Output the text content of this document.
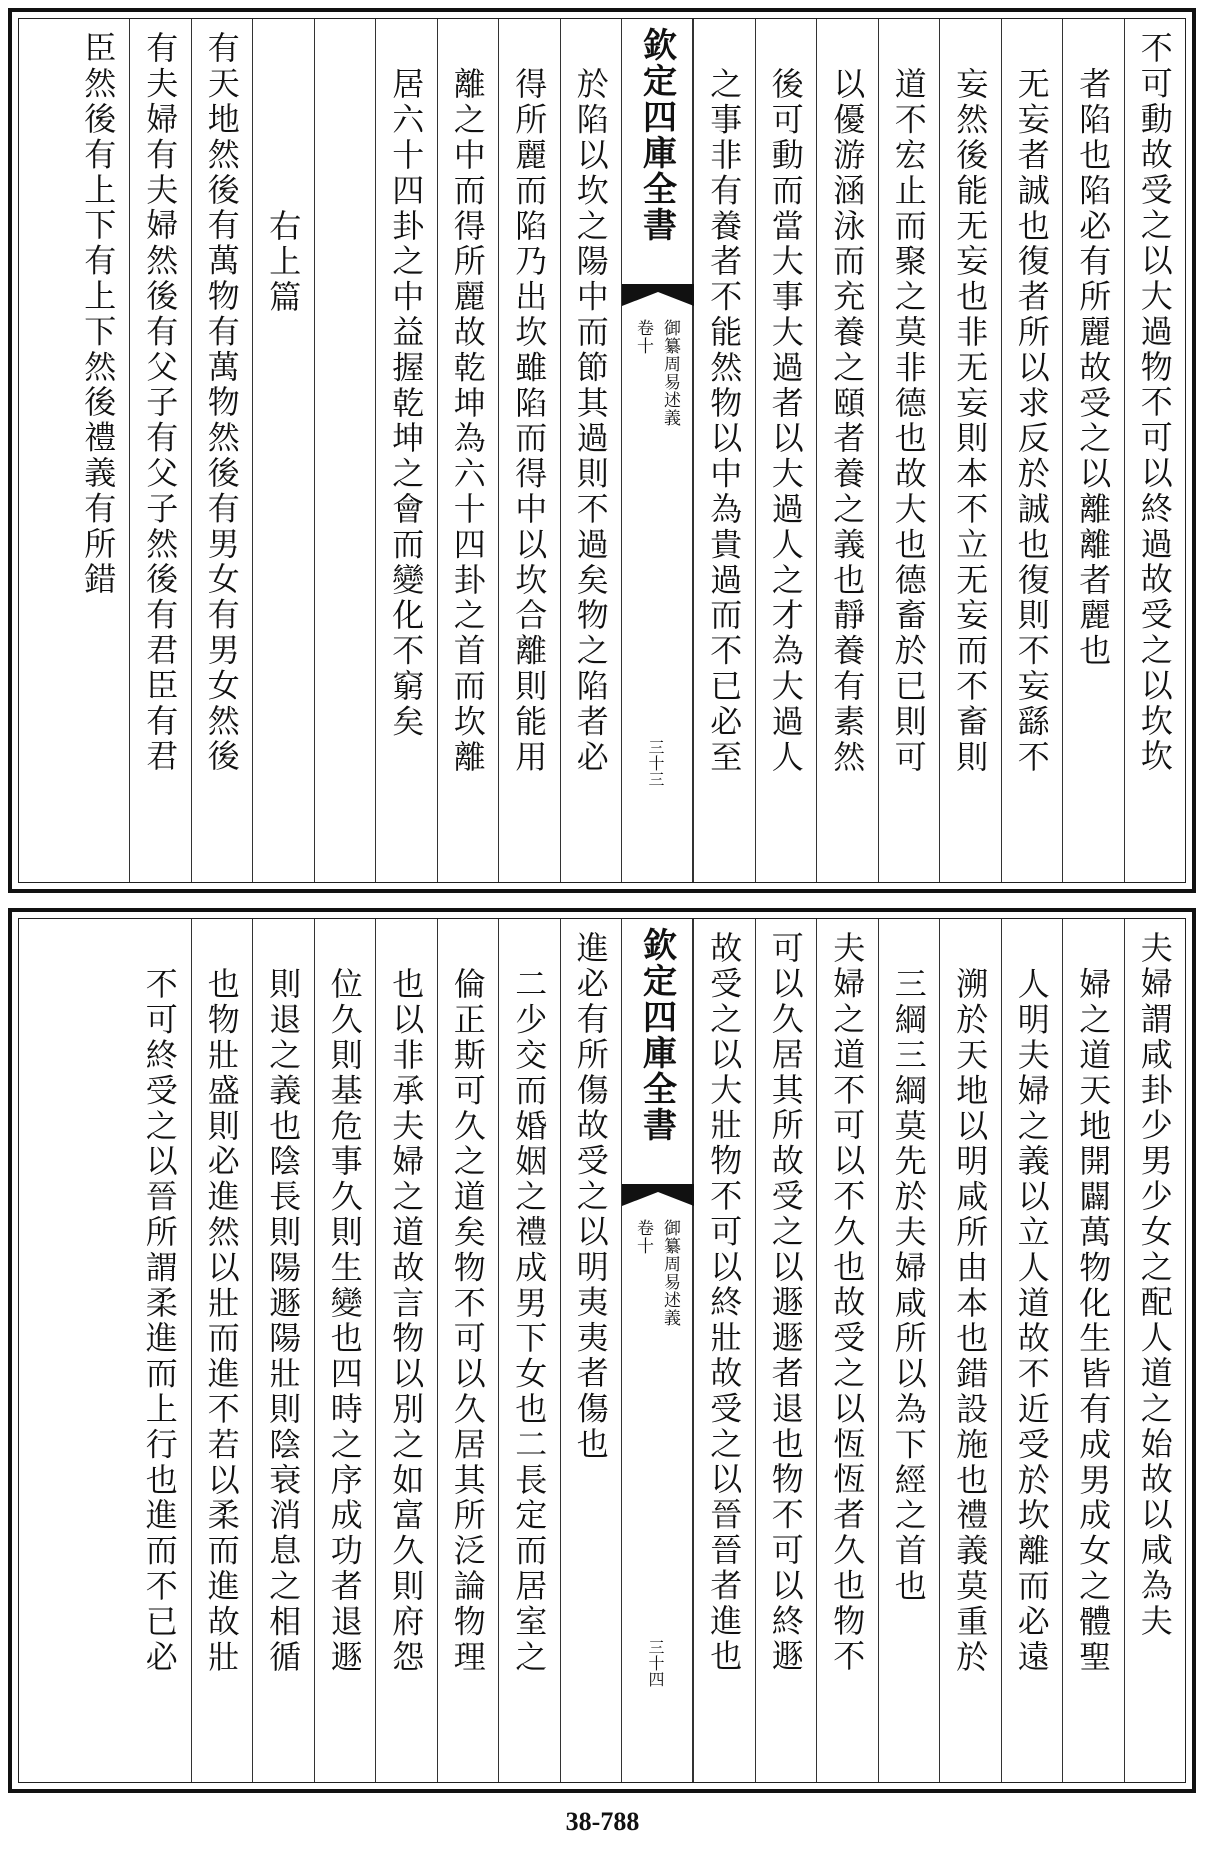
不可動故受之以大過物不可以終過故受之以坎坎
者陷也陷必有所麗故受之以離離者麗也
无妄者誠也復者所以求反於誠也復則不妄繇不
妄然後能无妄也非无妄則本不立无妄而不畜則
道不宏止而聚之莫非德也故大也德畜於已則可
以優游涵泳而充養之頤者養之義也靜養有素然
後可動而當大事大過者以大過人之才為大過人
之事非有養者不能然物以中為貴過而不已必至
欽定四庫全書
御纂周易述義
卷十
三十三
於陷以坎之陽中而節其過則不過矣物之陷者必
得所麗而陷乃出坎雖陷而得中以坎合離則能用
離之中而得所麗故乾坤為六十四卦之首而坎離
居六十四卦之中益握乾坤之會而變化不窮矣
右上篇
有天地然後有萬物有萬物然後有男女有男女然後
有夫婦有夫婦然後有父子有父子然後有君臣有君
臣然後有上下有上下然後禮義有所錯
夫婦謂咸卦少男少女之配人道之始故以咸為夫
婦之道天地開闢萬物化生皆有成男成女之體聖
人明夫婦之義以立人道故不近受於坎離而必遠
溯於天地以明咸所由本也錯設施也禮義莫重於
三綱三綱莫先於夫婦咸所以為下經之首也
夫婦之道不可以不久也故受之以恆恆者久也物不
可以久居其所故受之以遯遯者退也物不可以終遯
故受之以大壯物不可以終壯故受之以晉晉者進也
欽定四庫全書
御纂周易述義
卷十
三十四
進必有所傷故受之以明夷夷者傷也
二少交而婚姻之禮成男下女也二長定而居室之
倫正斯可久之道矣物不可以久居其所泛論物理
也以非承夫婦之道故言物以別之如富久則府怨
位久則基危事久則生變也四時之序成功者退遯
則退之義也陰長則陽遯陽壯則陰衰消息之相循
也物壯盛則必進然以壯而進不若以柔而進故壯
不可終受之以晉所謂柔進而上行也進而不已必
38-788
